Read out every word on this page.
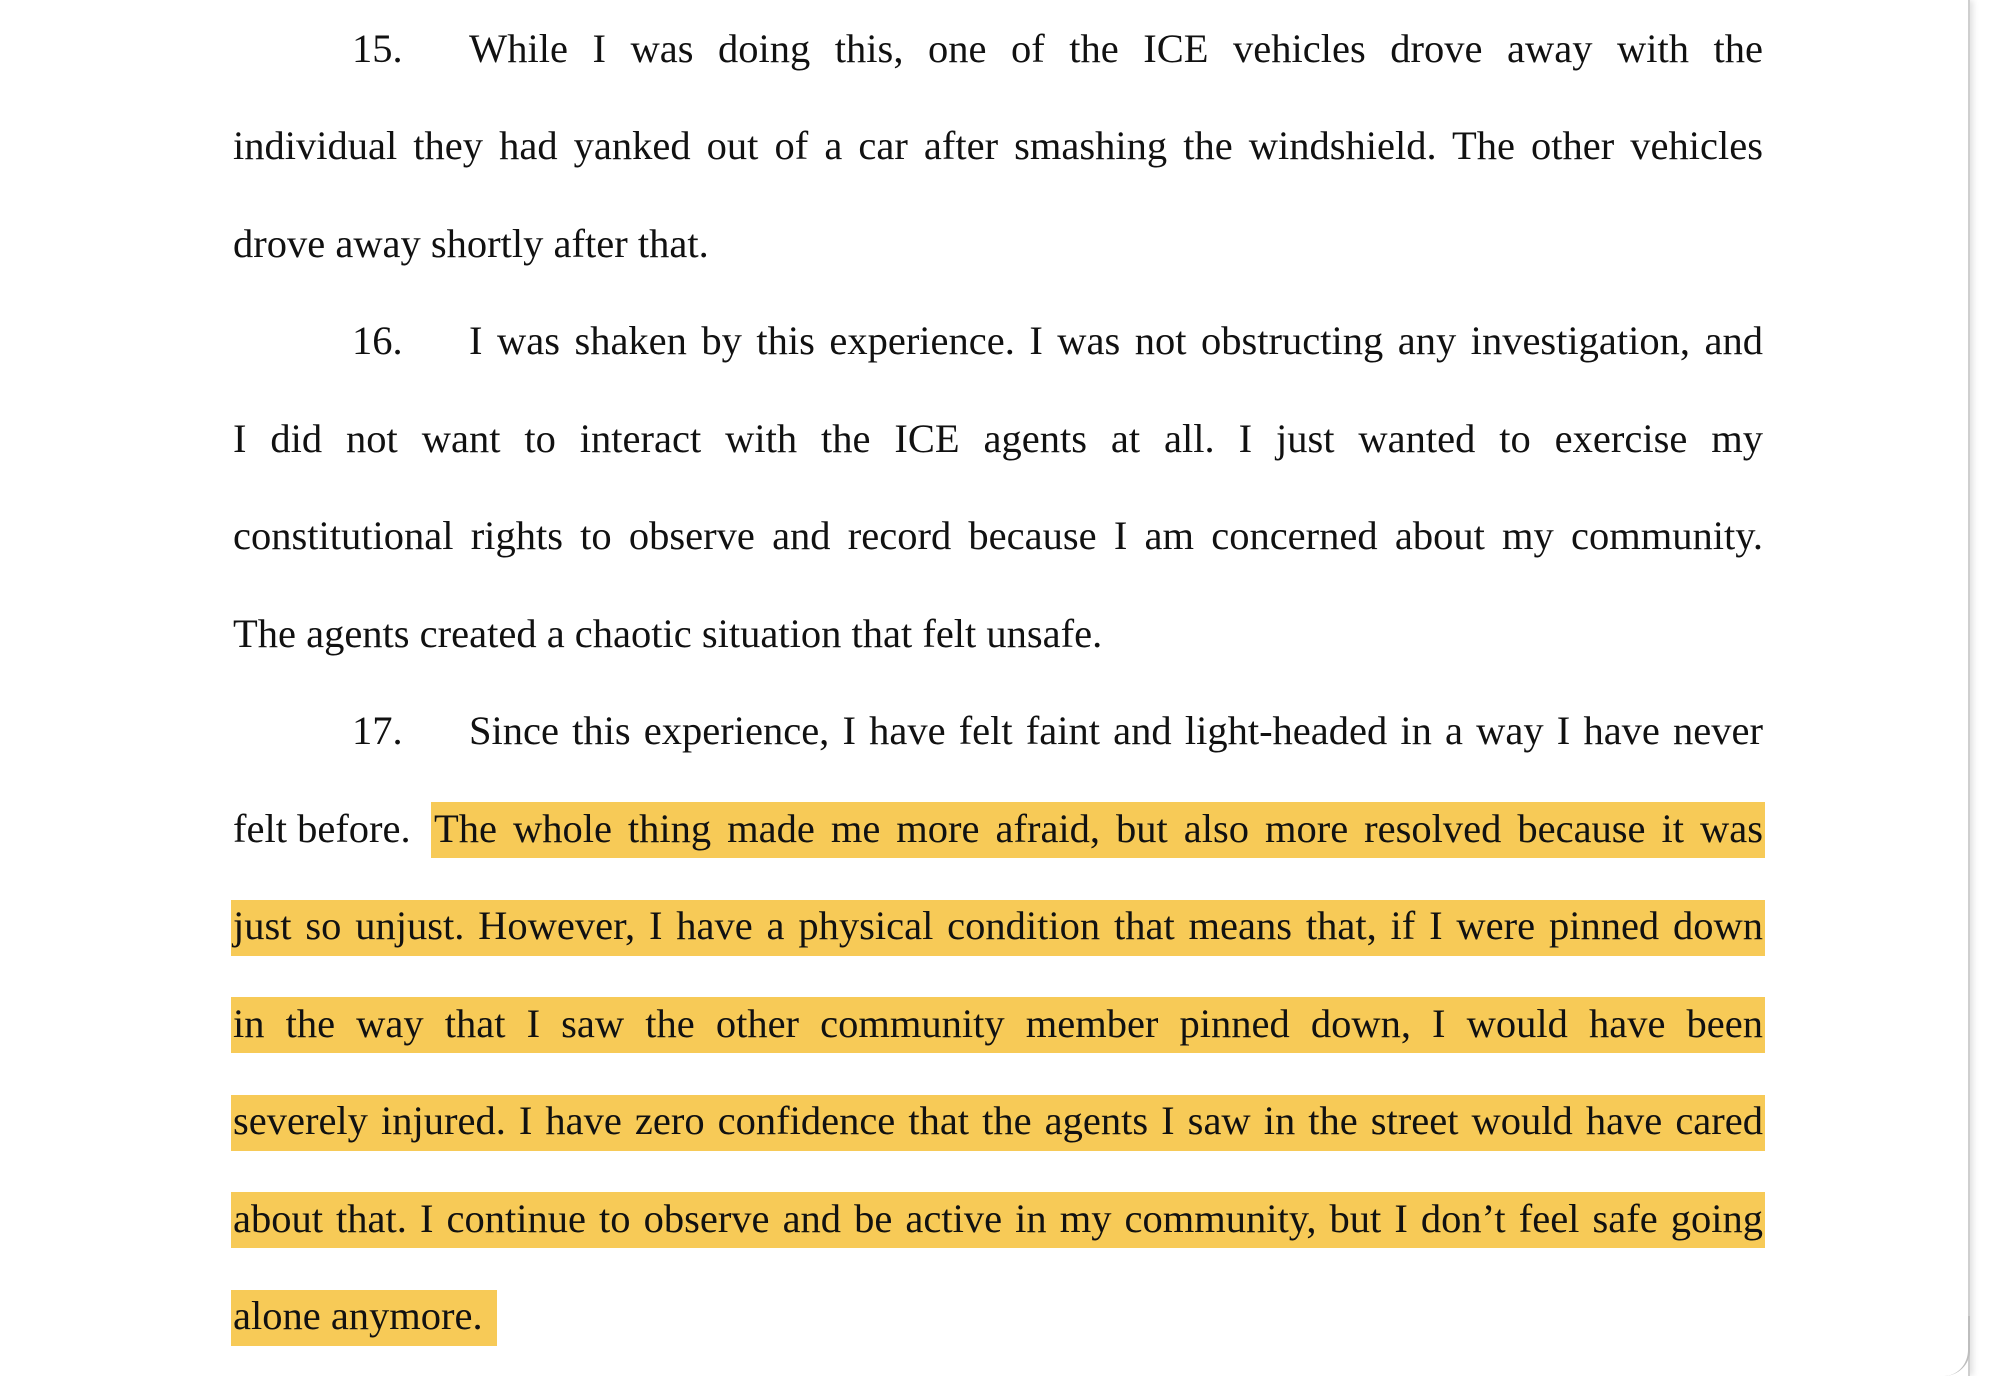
15. While I was doing this, one of the ICE vehicles drove away with the
individual they had yanked out of a car after smashing the windshield. The other vehicles
drove away shortly after that.
16. I was shaken by this experience. I was not obstructing any investigation, and
I did not want to interact with the ICE agents at all. I just wanted to exercise my
constitutional rights to observe and record because I am concerned about my community.
The agents created a chaotic situation that felt unsafe.
17. Since this experience, I have felt faint and light-headed in a way I have never
felt before. The whole thing made me more afraid, but also more resolved because it was
just so unjust. However, I have a physical condition that means that, if I were pinned down
in the way that I saw the other community member pinned down, I would have been
severely injured. I have zero confidence that the agents I saw in the street would have cared
about that. I continue to observe and be active in my community, but I don’t feel safe going
alone anymore.
